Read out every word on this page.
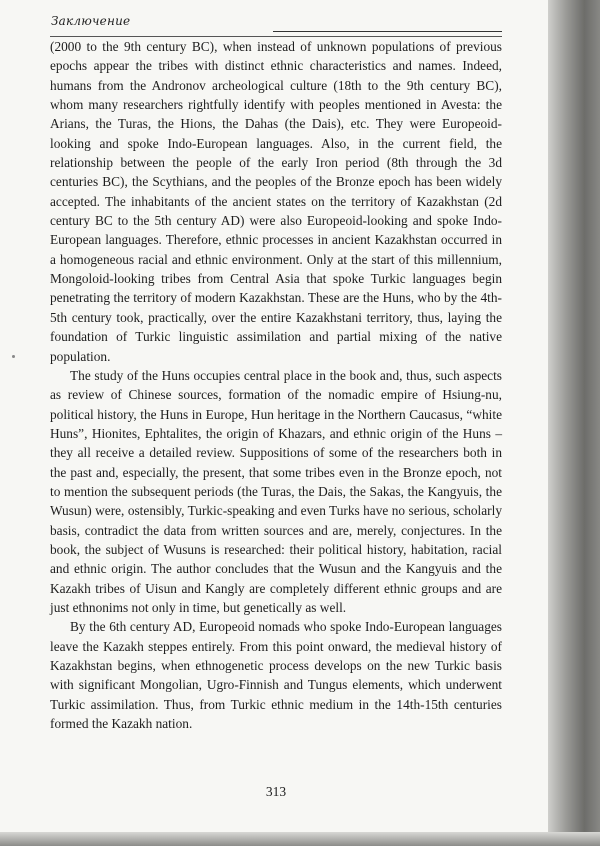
Заключение

(2000 to the 9th century BC), when instead of unknown populations of previous epochs appear the tribes with distinct ethnic characteristics and names. Indeed, humans from the Andronov archeological culture (18th to the 9th century BC), whom many researchers rightfully identify with peoples mentioned in Avesta: the Arians, the Turas, the Hions, the Dahas (the Dais), etc. They were Europeoid-looking and spoke Indo-European languages. Also, in the current field, the relationship between the people of the early Iron period (8th through the 3d centuries BC), the Scythians, and the peoples of the Bronze epoch has been widely accepted. The inhabitants of the ancient states on the territory of Kazakhstan (2d century BC to the 5th century AD) were also Europeoid-looking and spoke Indo-European languages. Therefore, ethnic processes in ancient Kazakhstan occurred in a homogeneous racial and ethnic environment. Only at the start of this millennium, Mongoloid-looking tribes from Central Asia that spoke Turkic languages begin penetrating the territory of modern Kazakhstan. These are the Huns, who by the 4th-5th century took, practically, over the entire Kazakhstani territory, thus, laying the foundation of Turkic linguistic assimilation and partial mixing of the native population.

The study of the Huns occupies central place in the book and, thus, such aspects as review of Chinese sources, formation of the nomadic empire of Hsiung-nu, political history, the Huns in Europe, Hun heritage in the Northern Caucasus, “white Huns”, Hionites, Ephtalites, the origin of Khazars, and ethnic origin of the Huns – they all receive a detailed review. Suppositions of some of the researchers both in the past and, especially, the present, that some tribes even in the Bronze epoch, not to mention the subsequent periods (the Turas, the Dais, the Sakas, the Kangyuis, the Wusun) were, ostensibly, Turkic-speaking and even Turks have no serious, scholarly basis, contradict the data from written sources and are, merely, conjectures. In the book, the subject of Wusuns is researched: their political history, habitation, racial and ethnic origin. The author concludes that the Wusun and the Kangyuis and the Kazakh tribes of Uisun and Kangly are completely different ethnic groups and are just ethnonims not only in time, but genetically as well.

By the 6th century AD, Europeoid nomads who spoke Indo-European languages leave the Kazakh steppes entirely. From this point onward, the medieval history of Kazakhstan begins, when ethnogenetic process develops on the new Turkic basis with significant Mongolian, Ugro-Finnish and Tungus elements, which underwent Turkic assimilation. Thus, from Turkic ethnic medium in the 14th-15th centuries formed the Kazakh nation.

313
